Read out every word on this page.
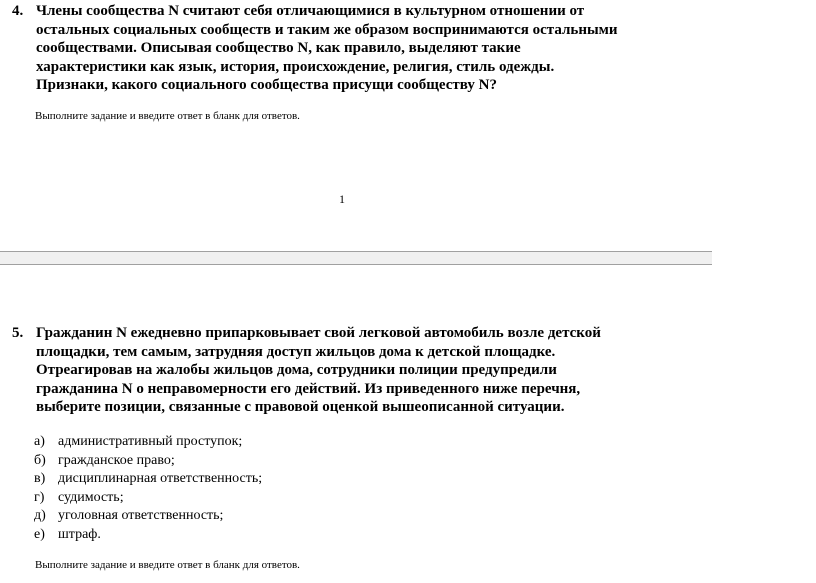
4. Члены сообщества N считают себя отличающимися в культурном отношении от
остальных социальных сообществ и таким же образом воспринимаются остальными
сообществами. Описывая сообщество N, как правило, выделяют такие
характеристики как язык, история, происхождение, религия, стиль одежды.
Признаки, какого социального сообщества присущи сообществу N?
Выполните задание и введите ответ в бланк для ответов.
1
5. Гражданин N ежедневно припарковывает свой легковой автомобиль возле детской
площадки, тем самым, затрудняя доступ жильцов дома к детской площадке.
Отреагировав на жалобы жильцов дома, сотрудники полиции предупредили
гражданина N о неправомерности его действий. Из приведенного ниже перечня,
выберите позиции, связанные с правовой оценкой вышеописанной ситуации.
а) административный проступок;
б) гражданское право;
в) дисциплинарная ответственность;
г) судимость;
д) уголовная ответственность;
е) штраф.
Выполните задание и введите ответ в бланк для ответов.
